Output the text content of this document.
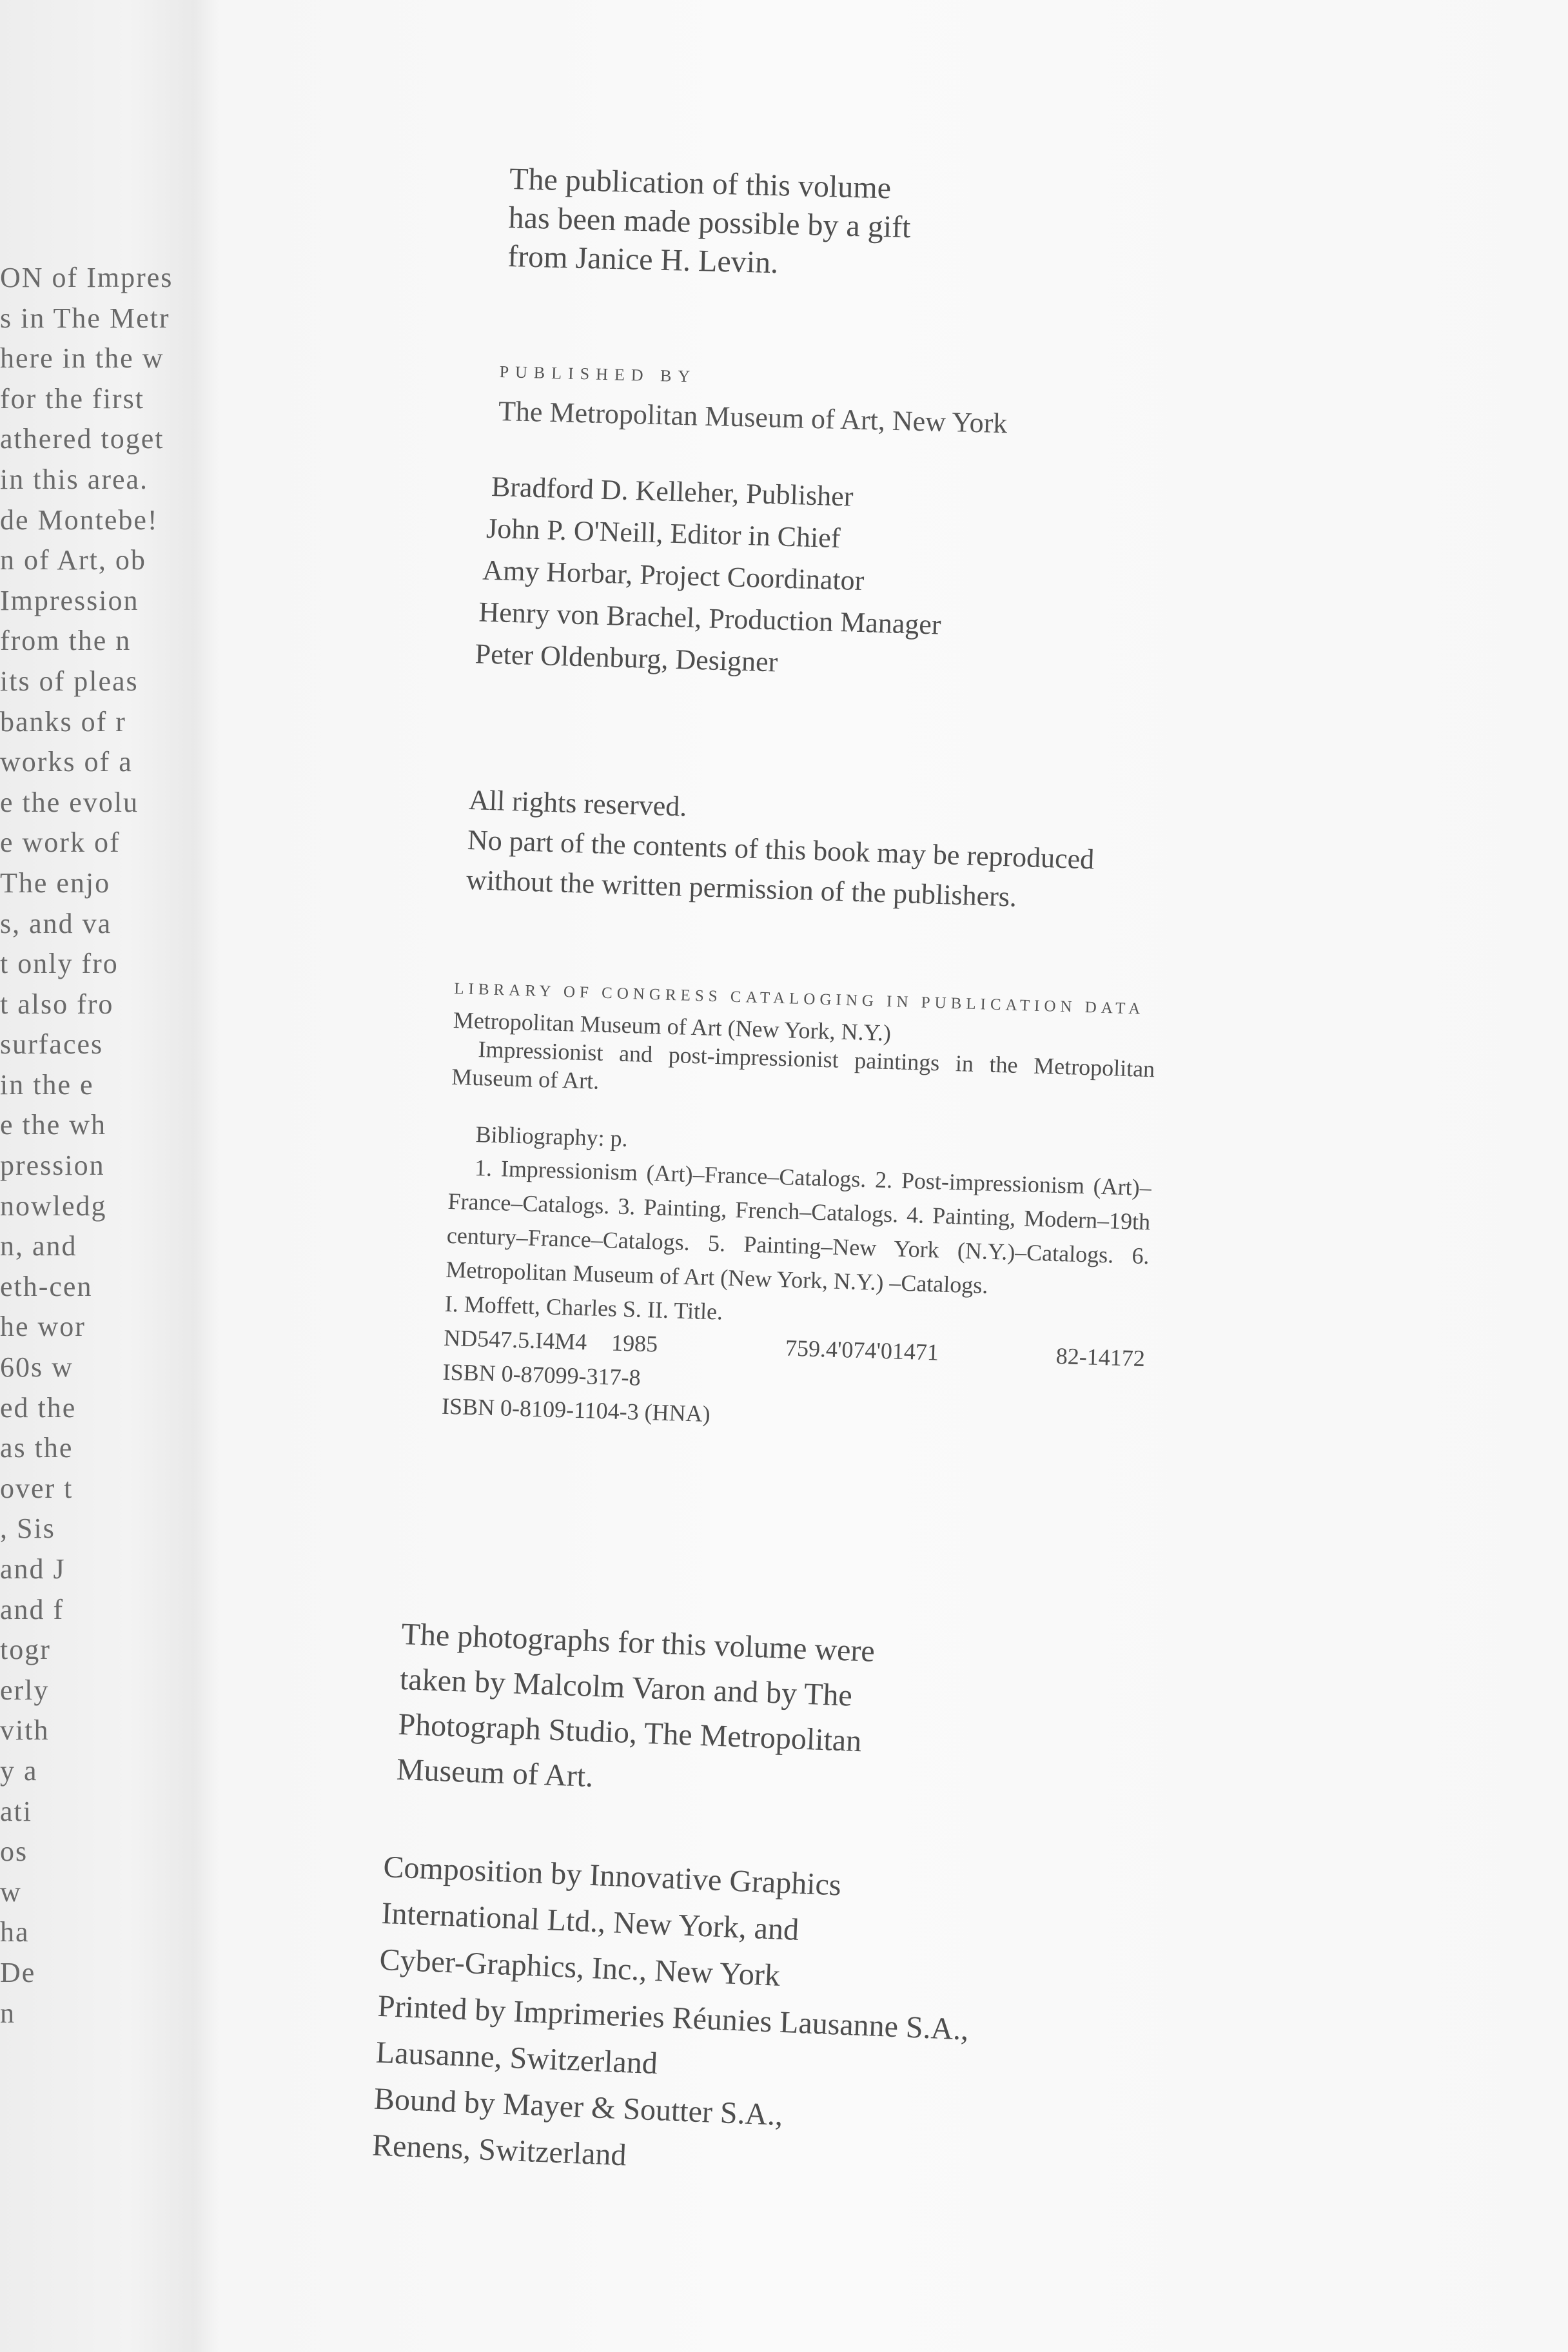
ON of Impres
s in The Metr
here in the w
for the first
athered toget
in this area.
de Montebe!
n of Art, ob
Impression
from the n
its of pleas
banks of r
works of a
e the evolu
e work of
The enjo
s, and va
t only fro
t also fro
surfaces
in the e
e the wh
pression
nowledg
n, and
eth-cen
he wor
60s w
ed the
as the
over t
, Sis
and J
and f
togr
erly
vith
y a
ati
os
w
ha
De
n
The publication of this volume
has been made possible by a gift
from Janice H. Levin.
PUBLISHED BY
The Metropolitan Museum of Art, New York
Bradford D. Kelleher, Publisher
John P. O'Neill, Editor in Chief
Amy Horbar, Project Coordinator
Henry von Brachel, Production Manager
Peter Oldenburg, Designer
All rights reserved.
No part of the contents of this book may be reproduced
without the written permission of the publishers.
LIBRARY OF CONGRESS CATALOGING IN PUBLICATION DATA
Metropolitan Museum of Art (New York, N.Y.)
Impressionist and post-impressionist paintings in the Metropolitan Museum of Art.
Bibliography: p.
1. Impressionism (Art)–France–Catalogs. 2. Post-impressionism (Art)–France–Catalogs. 3. Painting, French–Catalogs. 4. Painting, Modern–19th century–France–Catalogs. 5. Painting–New York (N.Y.)–Catalogs. 6. Metropolitan Museum of Art (New York, N.Y.) –Catalogs.
I. Moffett, Charles S. II. Title.
ND547.5.I4M4 1985	759.4'074'01471	82-14172
ISBN 0-87099-317-8
ISBN 0-8109-1104-3 (HNA)
The photographs for this volume were
taken by Malcolm Varon and by The
Photograph Studio, The Metropolitan
Museum of Art.
Composition by Innovative Graphics
International Ltd., New York, and
Cyber-Graphics, Inc., New York
Printed by Imprimeries Réunies Lausanne S.A.,
Lausanne, Switzerland
Bound by Mayer & Soutter S.A.,
Renens, Switzerland
